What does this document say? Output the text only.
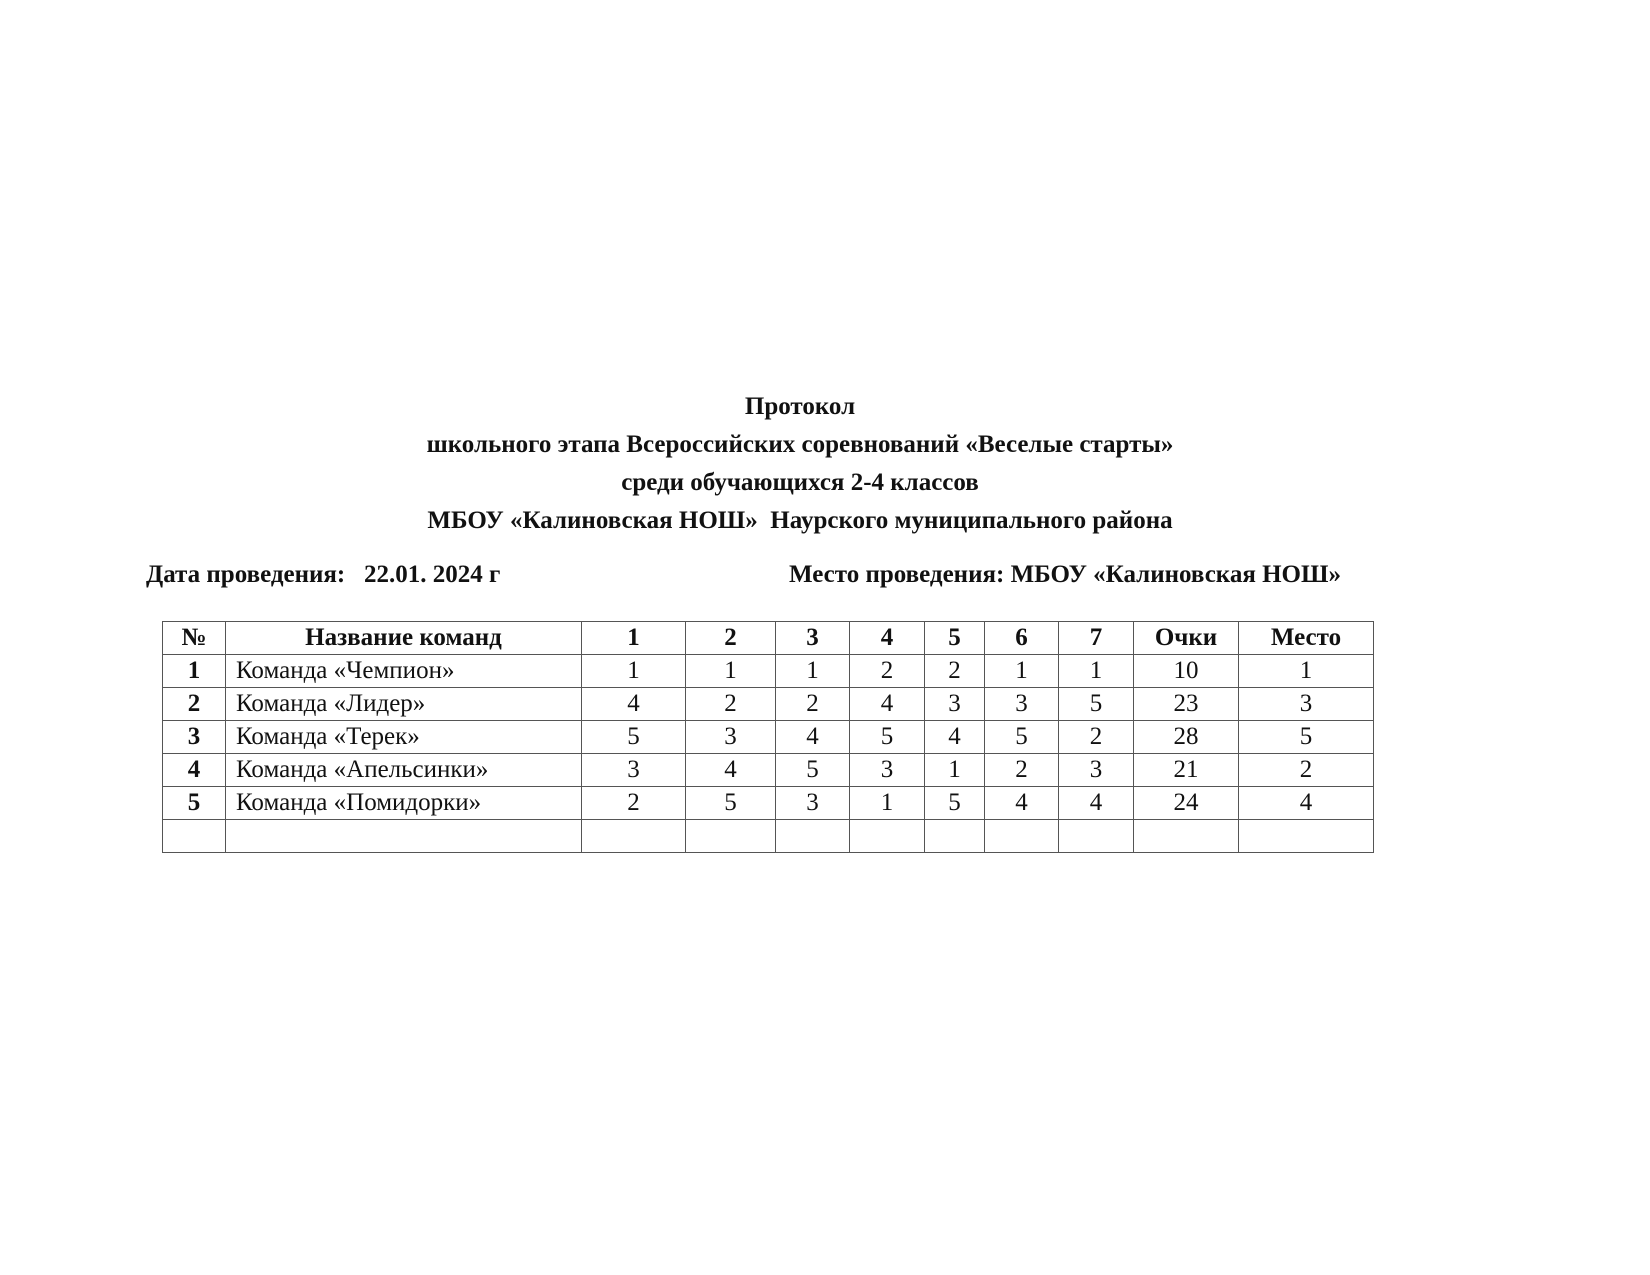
Протокол
школьного этапа Всероссийских соревнований «Веселые старты»
среди обучающихся 2-4 классов
МБОУ «Калиновская НОШ»  Наурского муниципального района
Дата проведения:   22.01. 2024 г	Место проведения: МБОУ «Калиновская НОШ»
№	Название команд	1	2	3	4	5	6	7	Очки	Место
1	Команда «Чемпион»	1	1	1	2	2	1	1	10	1
2	Команда «Лидер»	4	2	2	4	3	3	5	23	3
3	Команда «Терек»	5	3	4	5	4	5	2	28	5
4	Команда «Апельсинки»	3	4	5	3	1	2	3	21	2
5	Команда «Помидорки»	2	5	3	1	5	4	4	24	4
